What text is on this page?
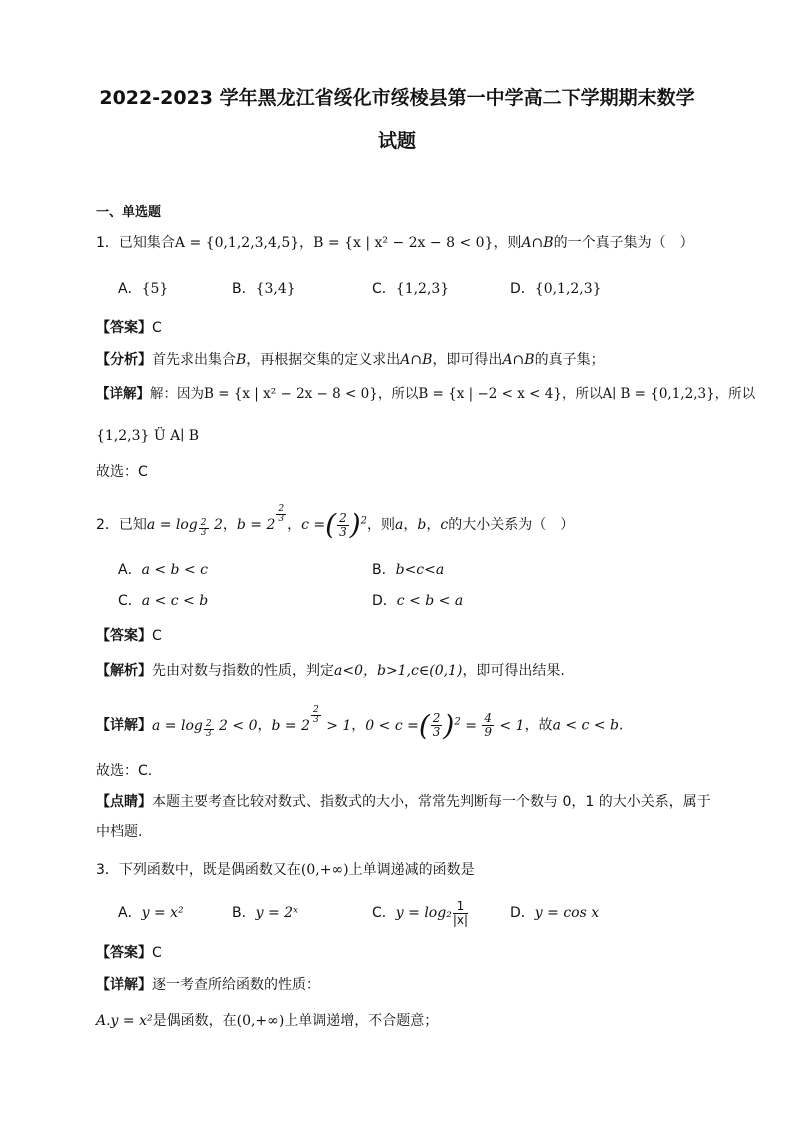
2022-2023 学年黑龙江省绥化市绥棱县第一中学高二下学期期末数学
试题
一、单选题
1．已知集合A = {0,1,2,3,4,5}，B = {x | x² − 2x − 8 < 0}，则A∩B的一个真子集为（　）
A．{5}	B．{3,4}	C．{1,2,3}	D．{0,1,2,3}
【答案】C
【分析】首先求出集合B，再根据交集的定义求出A∩B，即可得出A∩B的真子集；
【详解】解：因为B = {x | x² − 2x − 8 < 0}，所以B = {x | −2 < x < 4}，所以A∣ B = {0,1,2,3}，所以
{1,2,3} Ü A∣ B
故选：C
2．已知$a = \log \frac{2}{3} 2$，b = 2
$\frac{2}{3}$
，c =( $\frac{2}{3} )^2$，则a，b，c的大小关系为（　）
A．a < b < c	B．b<c<a
C．a < c < b	D．c < b < a
【答案】C
【解析】先由对数与指数的性质，判定a<0，b>1,c∈(0,1)，即可得出结果.
【详解】$a = \log \frac{2}{3} 2 < 0$，b = 2
$\frac{2}{3}$
> 1，0 < c =( $\frac{2}{3} )^2 = \frac{4}{9} < 1$，故a < c < b.
故选：C.
【点睛】本题主要考查比较对数式、指数式的大小，常常先判断每一个数与 0，1 的大小关系，属于
中档题.
3．下列函数中，既是偶函数又在(0,+∞)上单调递减的函数是
A．y = x²	B．y = 2ˣ	C．$y = \log_2 \frac{1}{|x|}$	D．y = cos x
【答案】C
【详解】逐一考查所给函数的性质：
A.y = x²是偶函数，在(0,+∞)上单调递增，不合题意；
